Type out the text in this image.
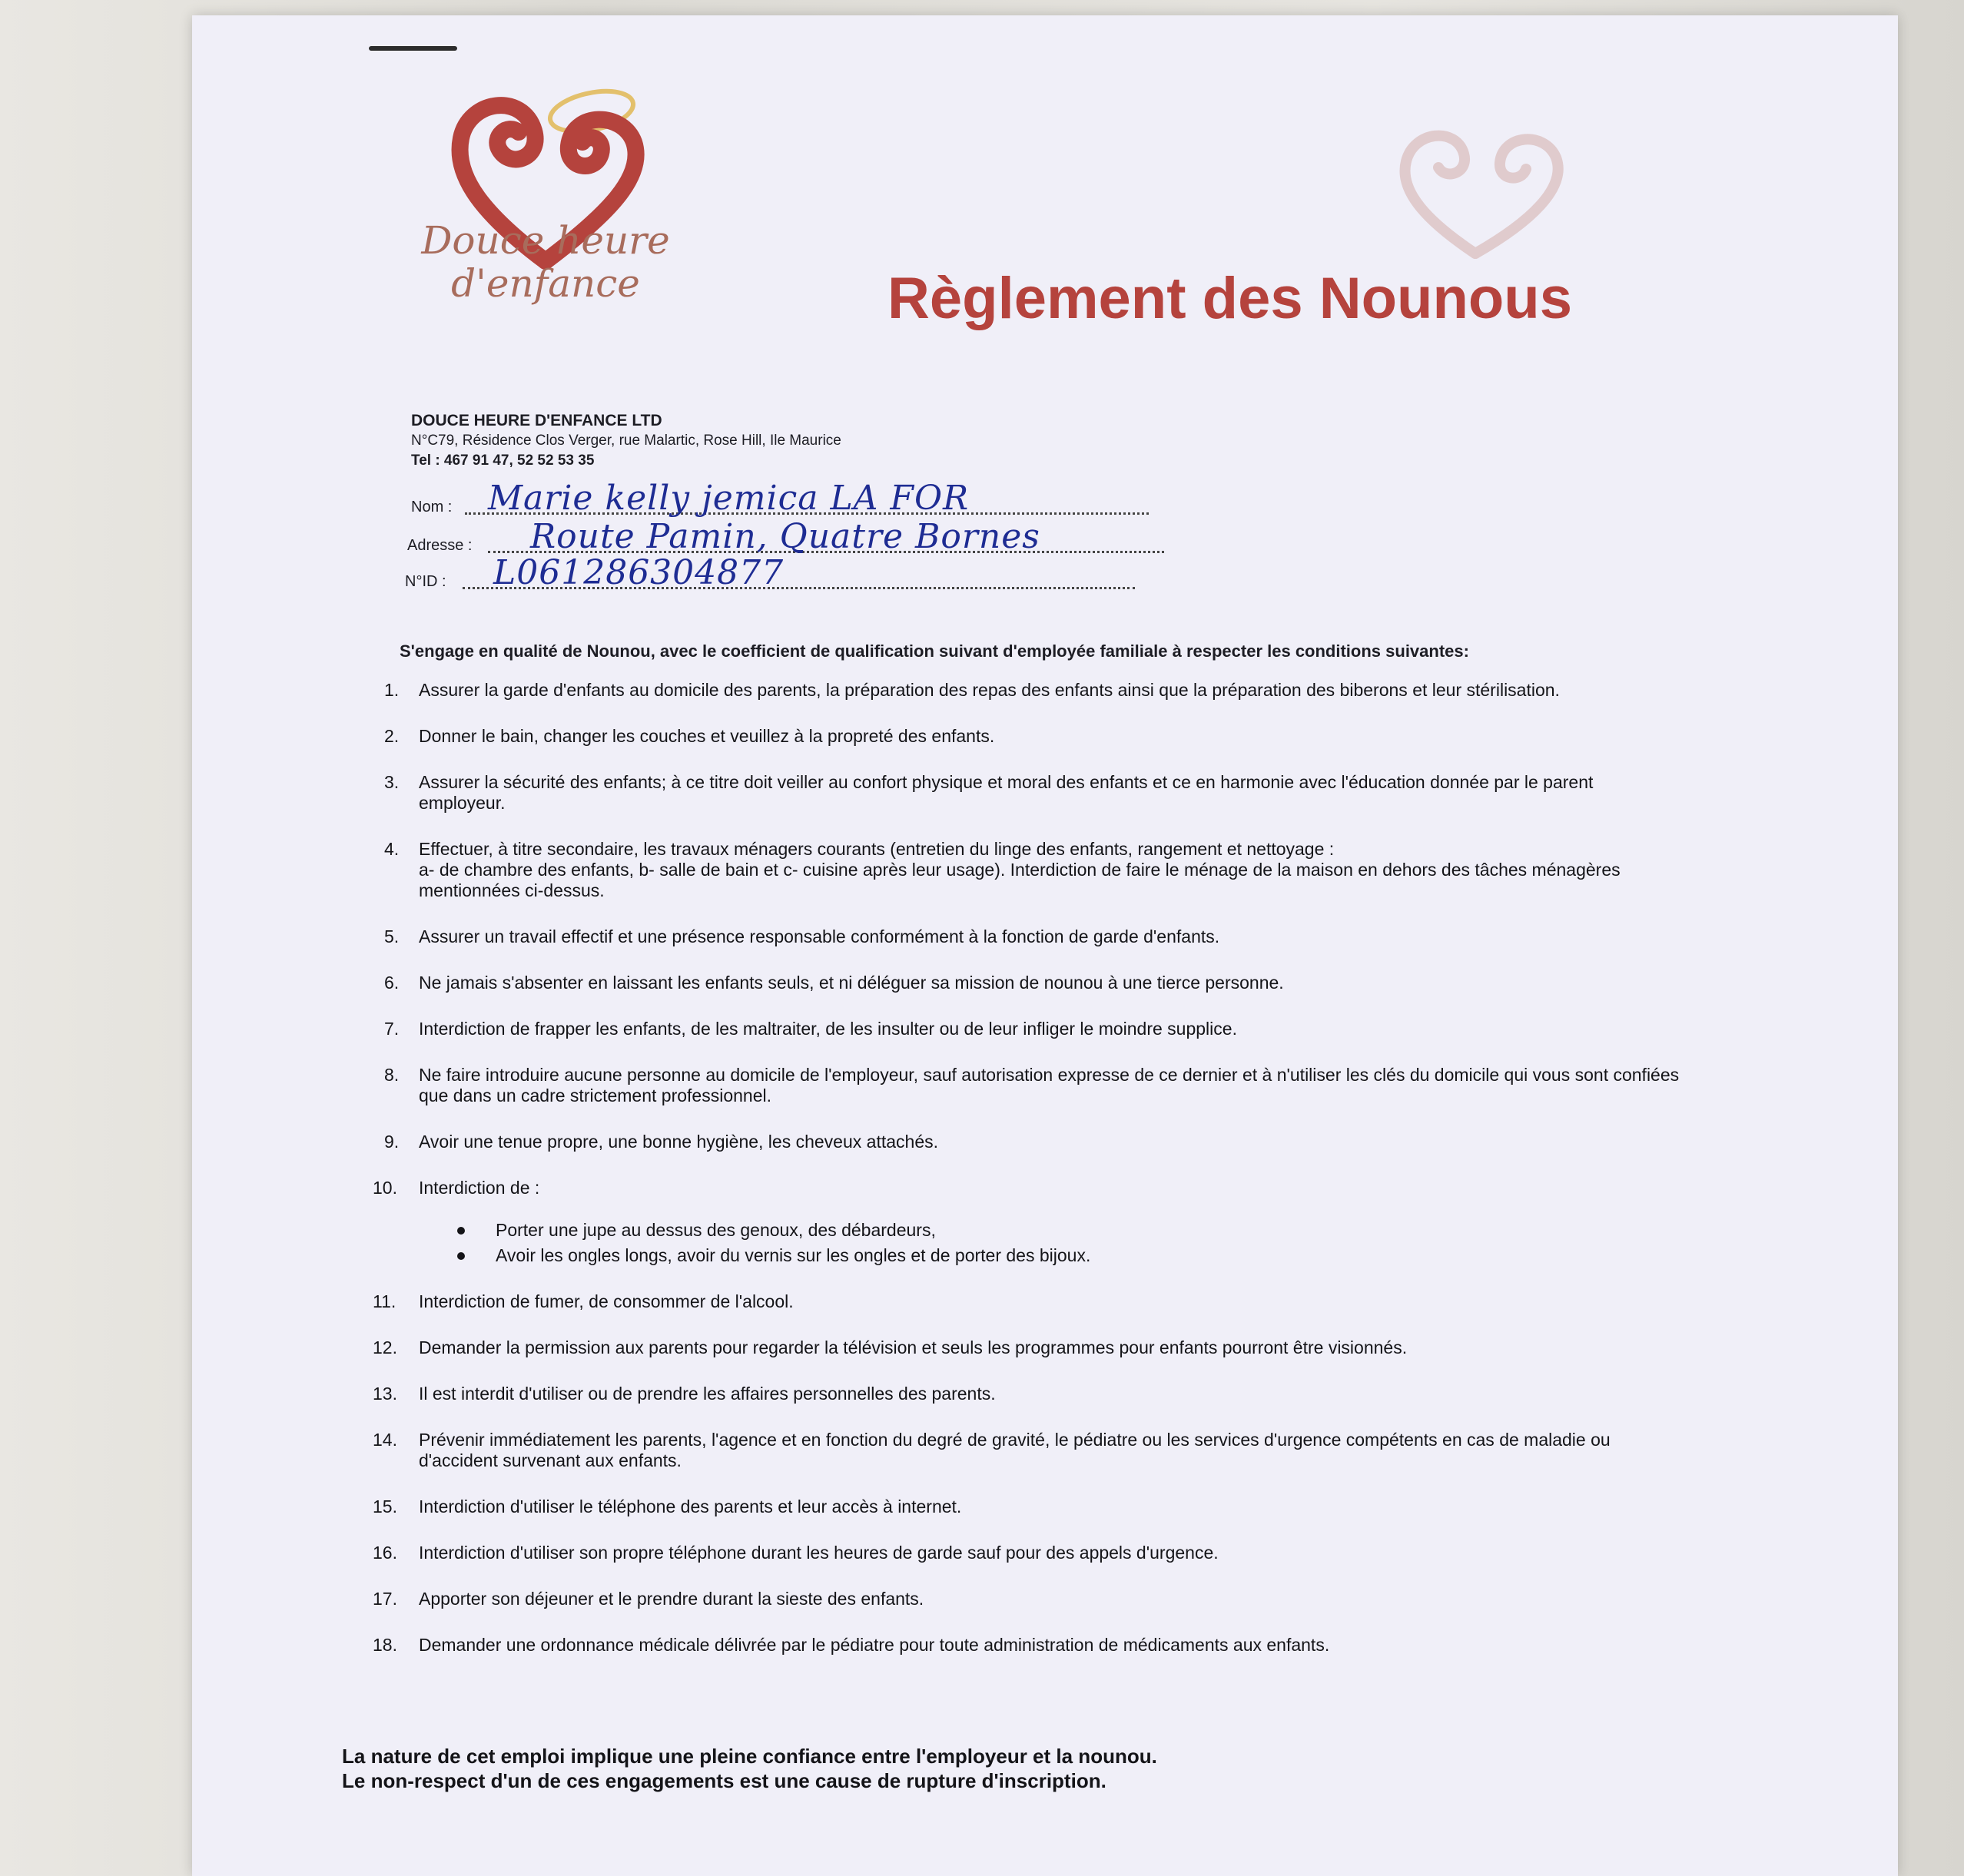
Douce heure
d'enfance	Règlement des Nounous
DOUCE HEURE D'ENFANCE LTD
N°C79, Résidence Clos Verger, rue Malartic, Rose Hill, Ile Maurice
Tel : 467 91 47, 52 52 53 35
Nom : Marie kelly jemica LA FOR
Adresse : Route Pamin, Quatre Bornes
N°ID : L061286304877
S'engage en qualité de Nounou, avec le coefficient de qualification suivant d'employée familiale à respecter les conditions suivantes:
1. Assurer la garde d'enfants au domicile des parents, la préparation des repas des enfants ainsi que la préparation des biberons et leur stérilisation.
2. Donner le bain, changer les couches et veuillez à la propreté des enfants.
3. Assurer la sécurité des enfants; à ce titre doit veiller au confort physique et moral des enfants et ce en harmonie avec l'éducation donnée par le parent employeur.
4. Effectuer, à titre secondaire, les travaux ménagers courants (entretien du linge des enfants, rangement et nettoyage :
a- de chambre des enfants, b- salle de bain et c- cuisine après leur usage). Interdiction de faire le ménage de la maison en dehors des tâches ménagères mentionnées ci-dessus.
5. Assurer un travail effectif et une présence responsable conformément à la fonction de garde d'enfants.
6. Ne jamais s'absenter en laissant les enfants seuls, et ni déléguer sa mission de nounou à une tierce personne.
7. Interdiction de frapper les enfants, de les maltraiter, de les insulter ou de leur infliger le moindre supplice.
8. Ne faire introduire aucune personne au domicile de l'employeur, sauf autorisation expresse de ce dernier et à n'utiliser les clés du domicile qui vous sont confiées que dans un cadre strictement professionnel.
9. Avoir une tenue propre, une bonne hygiène, les cheveux attachés.
10. Interdiction de :
Porter une jupe au dessus des genoux, des débardeurs,
Avoir les ongles longs, avoir du vernis sur les ongles et de porter des bijoux.
11. Interdiction de fumer, de consommer de l'alcool.
12. Demander la permission aux parents pour regarder la télévision et seuls les programmes pour enfants pourront être visionnés.
13. Il est interdit d'utiliser ou de prendre les affaires personnelles des parents.
14. Prévenir immédiatement les parents, l'agence et en fonction du degré de gravité, le pédiatre ou les services d'urgence compétents en cas de maladie ou d'accident survenant aux enfants.
15. Interdiction d'utiliser le téléphone des parents et leur accès à internet.
16. Interdiction d'utiliser son propre téléphone durant les heures de garde sauf pour des appels d'urgence.
17. Apporter son déjeuner et le prendre durant la sieste des enfants.
18. Demander une ordonnance médicale délivrée par le pédiatre pour toute administration de médicaments aux enfants.
La nature de cet emploi implique une pleine confiance entre l'employeur et la nounou.
Le non-respect d'un de ces engagements est une cause de rupture d'inscription.
